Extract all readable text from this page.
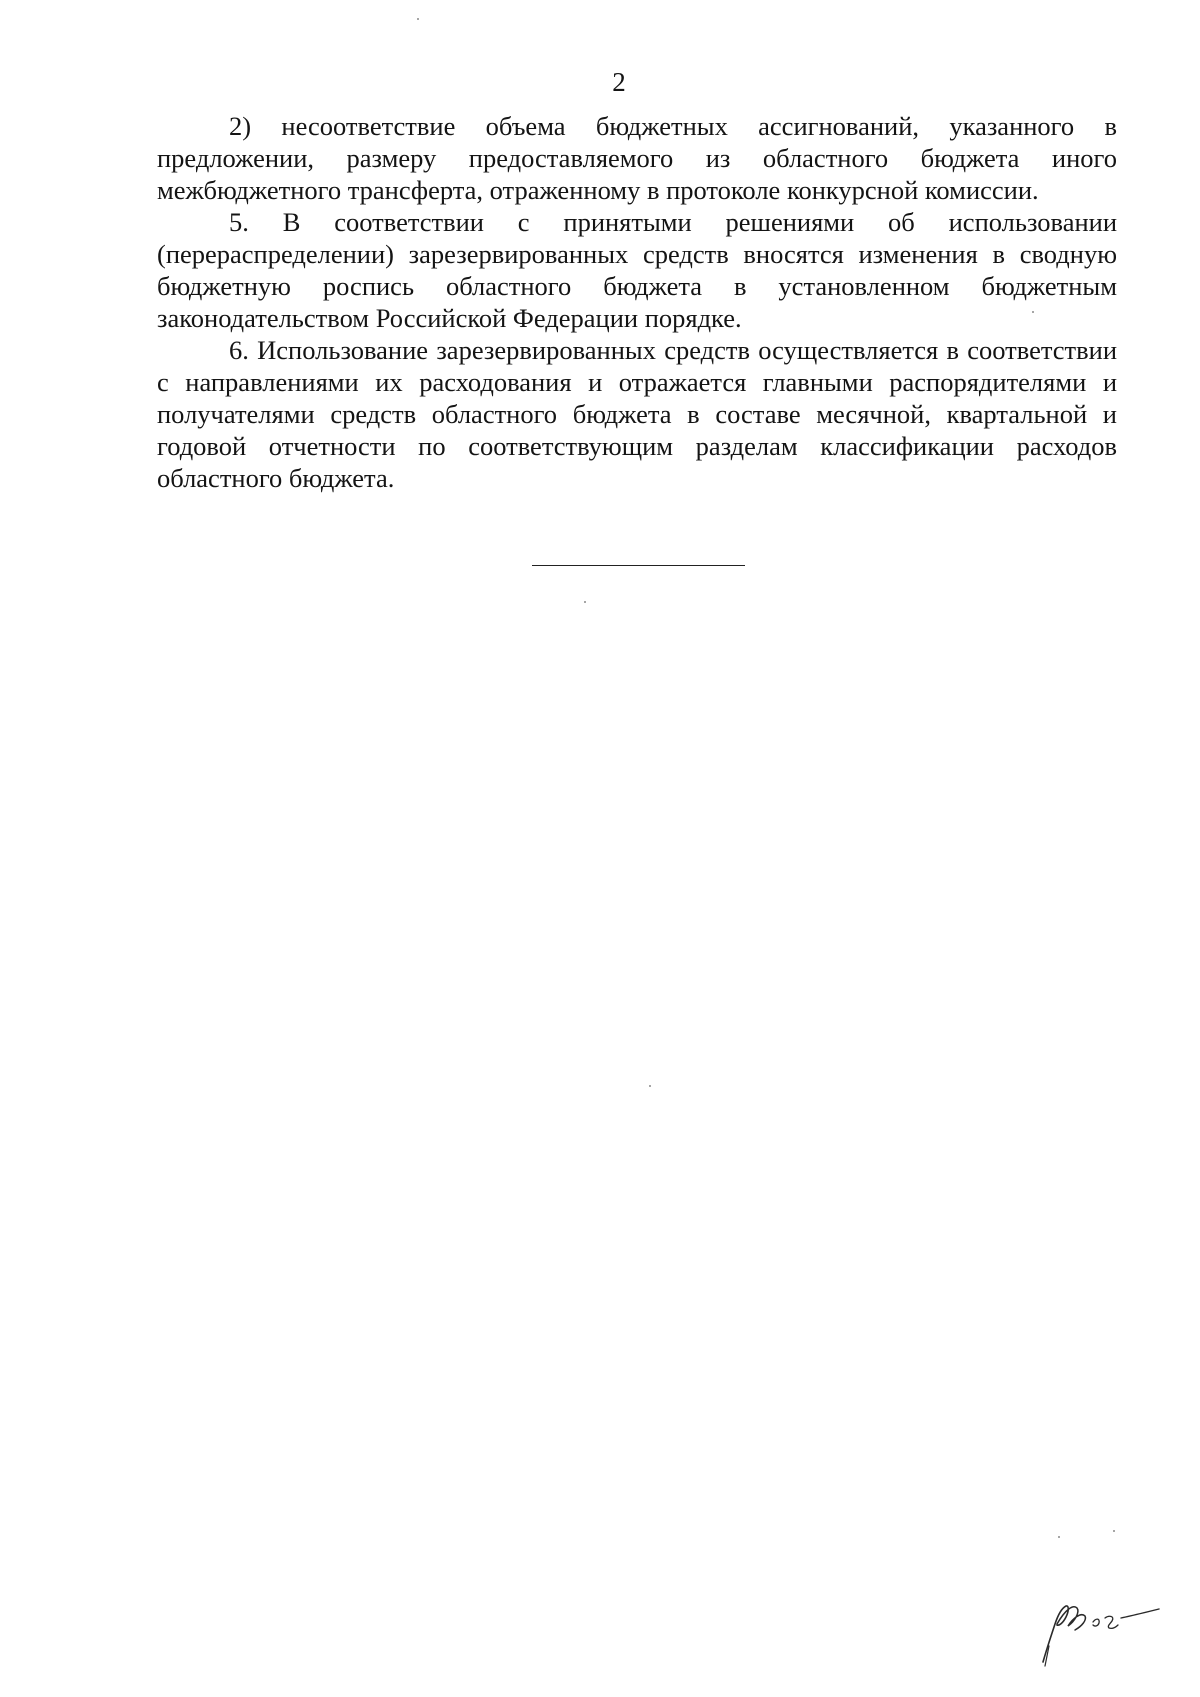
2

2) несоответствие объема бюджетных ассигнований, указанного в предложении, размеру предоставляемого из областного бюджета иного межбюджетного трансферта, отраженному в протоколе конкурсной комиссии.

5. В соответствии с принятыми решениями об использовании (перераспределении) зарезервированных средств вносятся изменения в сводную бюджетную роспись областного бюджета в установленном бюджетным законодательством Российской Федерации порядке.

6. Использование зарезервированных средств осуществляется в соответствии с направлениями их расходования и отражается главными распорядителями и получателями средств областного бюджета в составе месячной, квартальной и годовой отчетности по соответствующим разделам классификации расходов областного бюджета.
